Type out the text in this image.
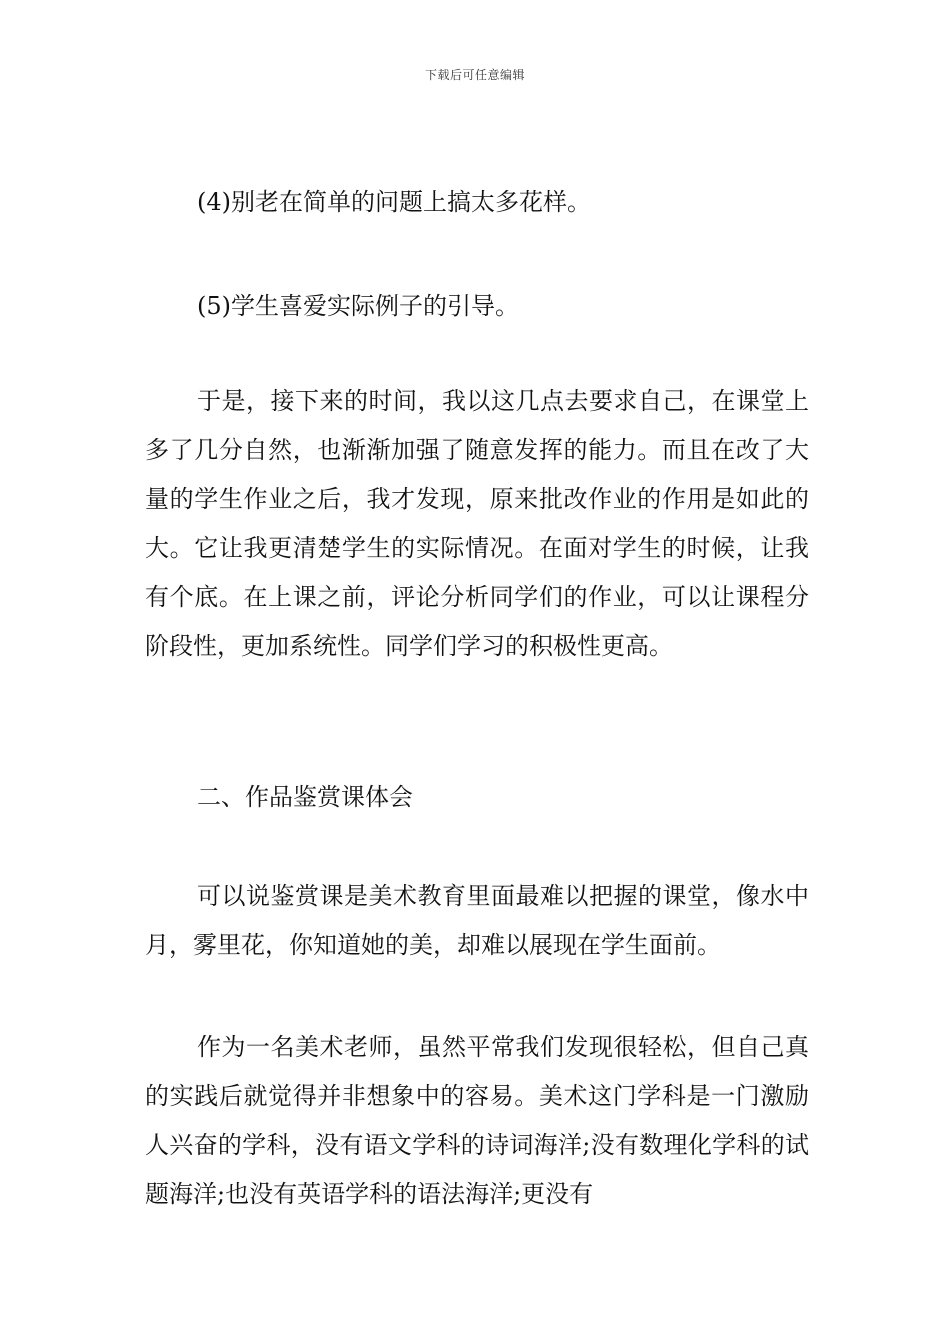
下载后可任意编辑

(4)别老在简单的问题上搞太多花样。

(5)学生喜爱实际例子的引导。

于是，接下来的时间，我以这几点去要求自己，在课堂上多了几分自然，也渐渐加强了随意发挥的能力。而且在改了大量的学生作业之后，我才发现，原来批改作业的作用是如此的大。它让我更清楚学生的实际情况。在面对学生的时候，让我有个底。在上课之前，评论分析同学们的作业，可以让课程分阶段性，更加系统性。同学们学习的积极性更高。

二、作品鉴赏课体会

可以说鉴赏课是美术教育里面最难以把握的课堂，像水中月，雾里花，你知道她的美，却难以展现在学生面前。

作为一名美术老师，虽然平常我们发现很轻松，但自己真的实践后就觉得并非想象中的容易。美术这门学科是一门激励人兴奋的学科，没有语文学科的诗词海洋;没有数理化学科的试题海洋;也没有英语学科的语法海洋;更没有
